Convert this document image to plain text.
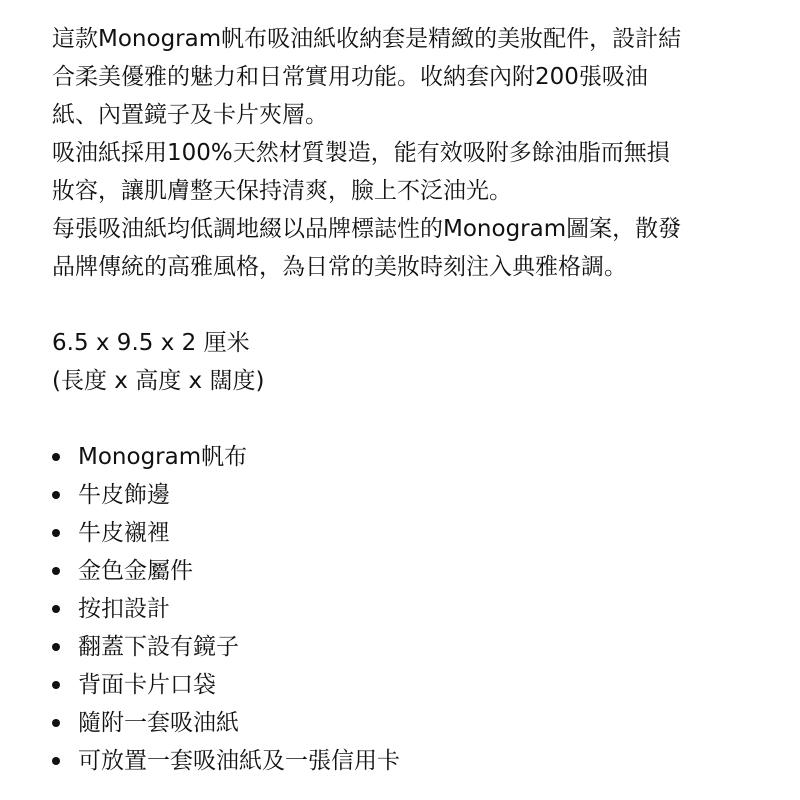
這款Monogram帆布吸油紙收納套是精緻的美妝配件，設計結
合柔美優雅的魅力和日常實用功能。收納套內附200張吸油
紙、內置鏡子及卡片夾層。
吸油紙採用100%天然材質製造，能有效吸附多餘油脂而無損
妝容，讓肌膚整天保持清爽，臉上不泛油光。
每張吸油紙均低調地綴以品牌標誌性的Monogram圖案，散發
品牌傳統的高雅風格，為日常的美妝時刻注入典雅格調。
6.5 x 9.5 x 2 厘米
(長度 x 高度 x 闊度)
Monogram帆布
牛皮飾邊
牛皮襯裡
金色金屬件
按扣設計
翻蓋下設有鏡子
背面卡片口袋
隨附一套吸油紙
可放置一套吸油紙及一張信用卡
